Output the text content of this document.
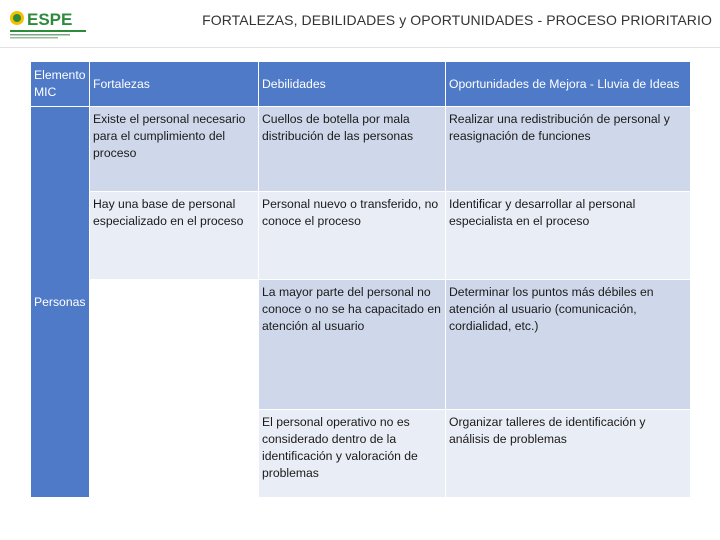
ESPE	FORTALEZAS, DEBILIDADES y OPORTUNIDADES - PROCESO PRIORITARIO
Elemento MIC	Fortalezas	Debilidades	Oportunidades de Mejora - Lluvia de Ideas
Personas	Existe el personal necesario para el cumplimiento del proceso	Cuellos de botella por mala distribución de las personas	Realizar una redistribución de personal y reasignación de funciones
	Hay una base de personal especializado en el proceso	Personal nuevo o transferido, no conoce el proceso	Identificar y desarrollar al personal especialista en el proceso
		La mayor parte del personal no conoce o no se ha capacitado en atención al usuario	Determinar los puntos más débiles en atención al usuario (comunicación, cordialidad, etc.)
		El personal operativo no es considerado dentro de la identificación y valoración de problemas	Organizar talleres de identificación y análisis de problemas
